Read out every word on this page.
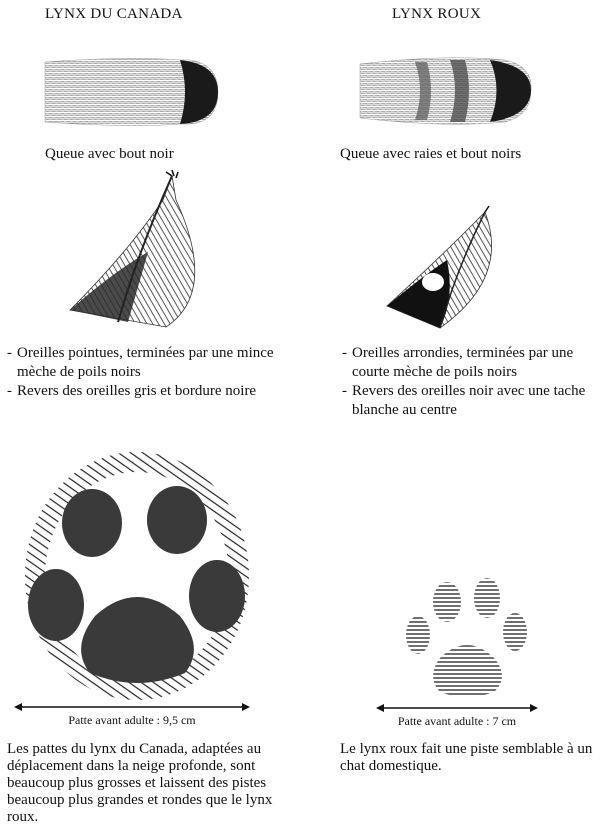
LYNX DU CANADA
Queue avec bout noir
- Oreilles pointues, terminées par une mince mèche de poils noirs
- Revers des oreilles gris et bordure noire
Patte avant adulte : 9,5 cm
Les pattes du lynx du Canada, adaptées au déplacement dans la neige profonde, sont beaucoup plus grosses et laissent des pistes beaucoup plus grandes et rondes que le lynx roux.
LYNX ROUX
Queue avec raies et bout noirs
- Oreilles arrondies, terminées par une courte mèche de poils noirs
- Revers des oreilles noir avec une tache blanche au centre
Patte avant adulte : 7 cm
Le lynx roux fait une piste semblable à un chat domestique.
